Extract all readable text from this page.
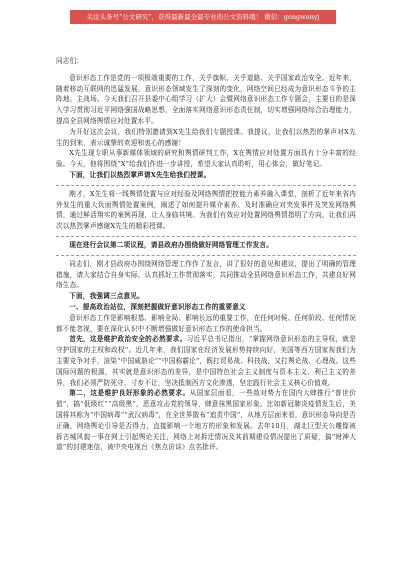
关注头条号“公文研究”，获得最新最全最专业的公文资料哦！ 微信：gongwenyj
同志们：

意识形态工作是党的一项极端重要的工作，关乎旗帜、关乎道路、关乎国家政治安全。近年来，随着移动互联网的迅猛发展，意识形态领域发生了深刻的变化，网络空间已经成为意识形态斗争的主阵地、主战场。今天我们召开县委中心组学习（扩大）会暨网络意识形态工作专题会，主要目的是深入学习贯彻习近平网络强国战略思想，全面落实网络意识形态责任制，切实增强网络综合治理能力，提高全县网络舆情应对处置水平。

为开好这次会议，我们特别邀请到X先生给我们专题授课。我提议，让我们以热烈的掌声对X先生的到来，表示诚挚的欢迎和衷心的感谢！

X先生现专职从事新媒体领域的研究和舆情研判工作，X在舆情应对处置方面具有十分丰富的经验。今天，他将围绕“X”给我们作进一步讲授，希望大家认真聆听，用心体会，做好笔记。

下面，让我们以热烈掌声请X先生给我们授课。

刚才，X先生将一线舆情处置与应对经验及网络舆情把控能力素养融入课堂，剖析了近年来省内外发生的重大负面舆情处置案例，阐述了如何提升媒介素养、及时准确应对突发事件及突发网络舆情，通过鲜活翔实的案例再现，让人身临其境。为我们有效应对处置网络舆情指明了方向，让我们再次以热烈掌声感谢X先生的精彩授课。

现在进行会议第二项议程，请县政府办围绕做好网络管理工作发言。

同志们，刚才县政府办围绕网络管理工作作了发言，讲了很好的意见和建议，提出了明确的管理措施，请大家结合自身实际，认真抓好工作贯彻落实，共同推动全县网络意识形态工作，共建良好网络生态。

下面，我强调三点意见。

一、提高政治站位，深刻把握做好意识形态工作的重要意义

意识形态工作是影响根基、影响全局、影响长远的重要工作，在任何时候、任何阶段、任何情况都不能忽视，要在深化认识中不断增强做好意识形态工作的使命担当。

首先，这是维护政治安全的必然要求。习近平总书记指出，“掌握网络意识形态的主导权，就是守护国家的主权和政权”。近几年来，我们国家在经济发展形势持续向好，美国等西方国家视我们为主要竞争对手，渲染“中国威胁论”“中国称霸论”，既打贸易战、科技战，又打舆论战、心理战。这些国际问题的根源，其实就是意识形态的差异，是中国特色社会主义制度与资本主义、利己主义的差异，我们必须严防死守，寸步不让，坚决抵制西方文化渗透，坚定践行社会主义核心价值观。

第二，这是维护良好形象的必然要求。从国家层面看，一些敌对势力在国内大肆推行“普世价值”，搞“低级红”“高级黑”，恶意攻击党的领导，肆意抹黑国家形象。比如新冠肺炎疫情发生后，美国将其称为“中国病毒”“武汉病毒”，在全世界散布“追责中国”，从地方层面来看，意识形态导向是否正确，网络舆论引导是否得力，直接影响一个地方的形象和发展。去年10月，湖北巨型关公雕像被拆古城风貌一事在网上引起舆论关注，网络上对拆迁情况及其前期建设情况提出了质疑，搞“财神大道”的封建迷信，被中央电视台《焦点访谈》点名批评。
